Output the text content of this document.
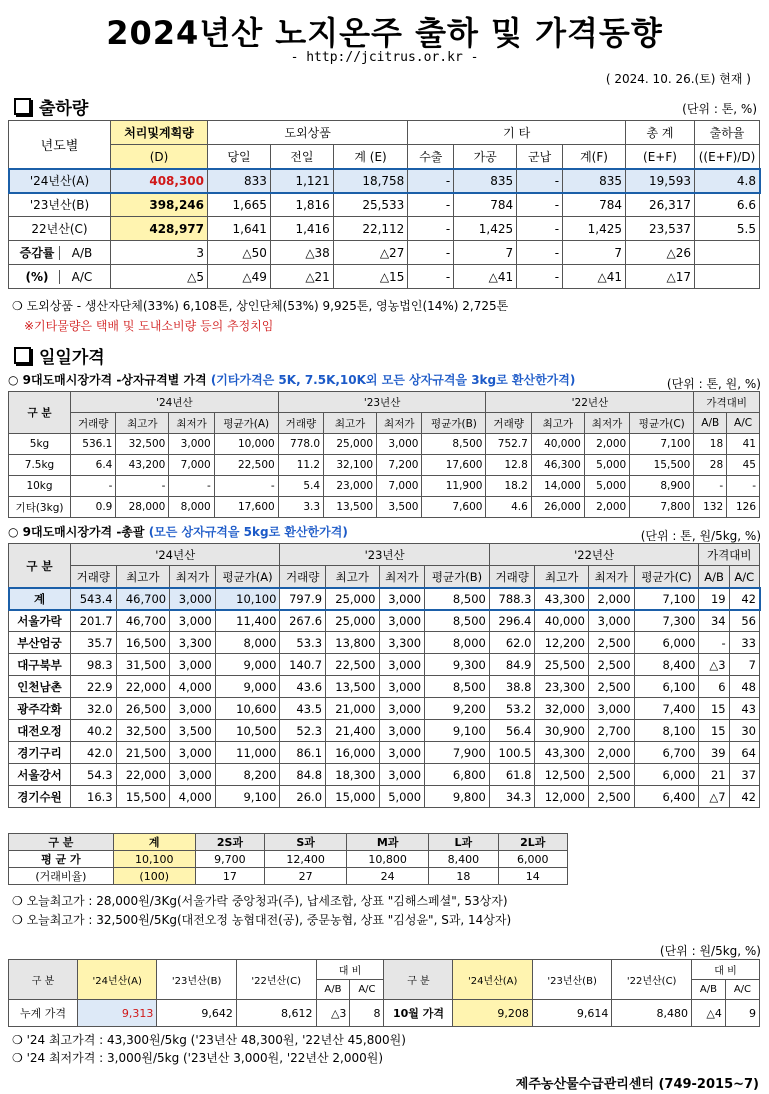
2024년산 노지온주 출하 및 가격동향
- http://jcitrus.or.kr -
( 2024. 10. 26.(토) 현재 )
출하량	(단위 : 톤, %)
년도별	처리및계획량	도외상품			기 타				총 계	출하율
	(D)	당일	전일	계 (E)	수출	가공	군납	계(F)	(E+F)	((E+F)/D)
'24년산(A)	408,300	833	1,121	18,758	-	835	-	835	19,593	4.8
'23년산(B)	398,246	1,665	1,816	25,533	-	784	-	784	26,317	6.6
22년산(C)	428,977	1,641	1,416	22,112	-	1,425	-	1,425	23,537	5.5
증감률 A/B	3	△50	△38	△27	-	7	-	7	△26	
(%) A/C	△5	△49	△21	△15	-	△41	-	△41	△17	
❍ 도외상품 - 생산자단체(33%) 6,108톤, 상인단체(53%) 9,925톤, 영농법인(14%) 2,725톤
※기타물량은 택배 및 도내소비량 등의 추정치임
일일가격
○ 9대도매시장가격 -상자규격별 가격 (기타가격은 5K, 7.5K,10K외 모든 상자규격을 3kg로 환산한가격)	(단위 : 톤, 원, %)
구 분	'24년산				'23년산				'22년산				가격대비	
	거래량	최고가	최저가	평균가(A)	거래량	최고가	최저가	평균가(B)	거래량	최고가	최저가	평균가(C)	A/B	A/C
5kg	536.1	32,500	3,000	10,000	778.0	25,000	3,000	8,500	752.7	40,000	2,000	7,100	18	41
7.5kg	6.4	43,200	7,000	22,500	11.2	32,100	7,200	17,600	12.8	46,300	5,000	15,500	28	45
10kg	-	-	-	-	5.4	23,000	7,000	11,900	18.2	14,000	5,000	8,900	-	-
기타(3kg)	0.9	28,000	8,000	17,600	3.3	13,500	3,500	7,600	4.6	26,000	2,000	7,800	132	126
○ 9대도매시장가격 -총괄 (모든 상자규격을 5kg로 환산한가격)	(단위 : 톤, 원/5kg, %)
구 분	'24년산				'23년산				'22년산				가격대비	
	거래량	최고가	최저가	평균가(A)	거래량	최고가	최저가	평균가(B)	거래량	최고가	최저가	평균가(C)	A/B	A/C
계	543.4	46,700	3,000	10,100	797.9	25,000	3,000	8,500	788.3	43,300	2,000	7,100	19	42
서울가락	201.7	46,700	3,000	11,400	267.6	25,000	3,000	8,500	296.4	40,000	3,000	7,300	34	56
부산엄궁	35.7	16,500	3,300	8,000	53.3	13,800	3,300	8,000	62.0	12,200	2,500	6,000	-	33
대구북부	98.3	31,500	3,000	9,000	140.7	22,500	3,000	9,300	84.9	25,500	2,500	8,400	△3	7
인천남촌	22.9	22,000	4,000	9,000	43.6	13,500	3,000	8,500	38.8	23,300	2,500	6,100	6	48
광주각화	32.0	26,500	3,000	10,600	43.5	21,000	3,000	9,200	53.2	32,000	3,000	7,400	15	43
대전오정	40.2	32,500	3,500	10,500	52.3	21,400	3,000	9,100	56.4	30,900	2,700	8,100	15	30
경기구리	42.0	21,500	3,000	11,000	86.1	16,000	3,000	7,900	100.5	43,300	2,000	6,700	39	64
서울강서	54.3	22,000	3,000	8,200	84.8	18,300	3,000	6,800	61.8	12,500	2,500	6,000	21	37
경기수원	16.3	15,500	4,000	9,100	26.0	15,000	5,000	9,800	34.3	12,000	2,500	6,400	△7	42
구 분	계	2S과	S과	M과	L과	2L과
평 균 가	10,100	9,700	12,400	10,800	8,400	6,000
(거래비율)	(100)	17	27	24	18	14
❍ 오늘최고가 : 28,000원/3Kg(서울가락 중앙청과(주), 납세조합, 상표 "김해스페셜", 53상자)
❍ 오늘최고가 : 32,500원/5Kg(대전오정 농협대전(공), 중문농협, 상표 "김성윤", S과, 14상자)
(단위 : 원/5kg, %)
구 분	'24년산(A)	'23년산(B)	'22년산(C)	대 비		구 분	'24년산(A)	'23년산(B)	'22년산(C)	대 비	
				A/B	A/C					A/B	A/C
누계 가격	9,313	9,642	8,612	△3	8	10월 가격	9,208	9,614	8,480	△4	9
❍ '24 최고가격 : 43,300원/5kg ('23년산 48,300원, '22년산 45,800원)
❍ '24 최저가격 : 3,000원/5kg ('23년산 3,000원, '22년산 2,000원)
제주농산물수급관리센터 (749-2015~7)
